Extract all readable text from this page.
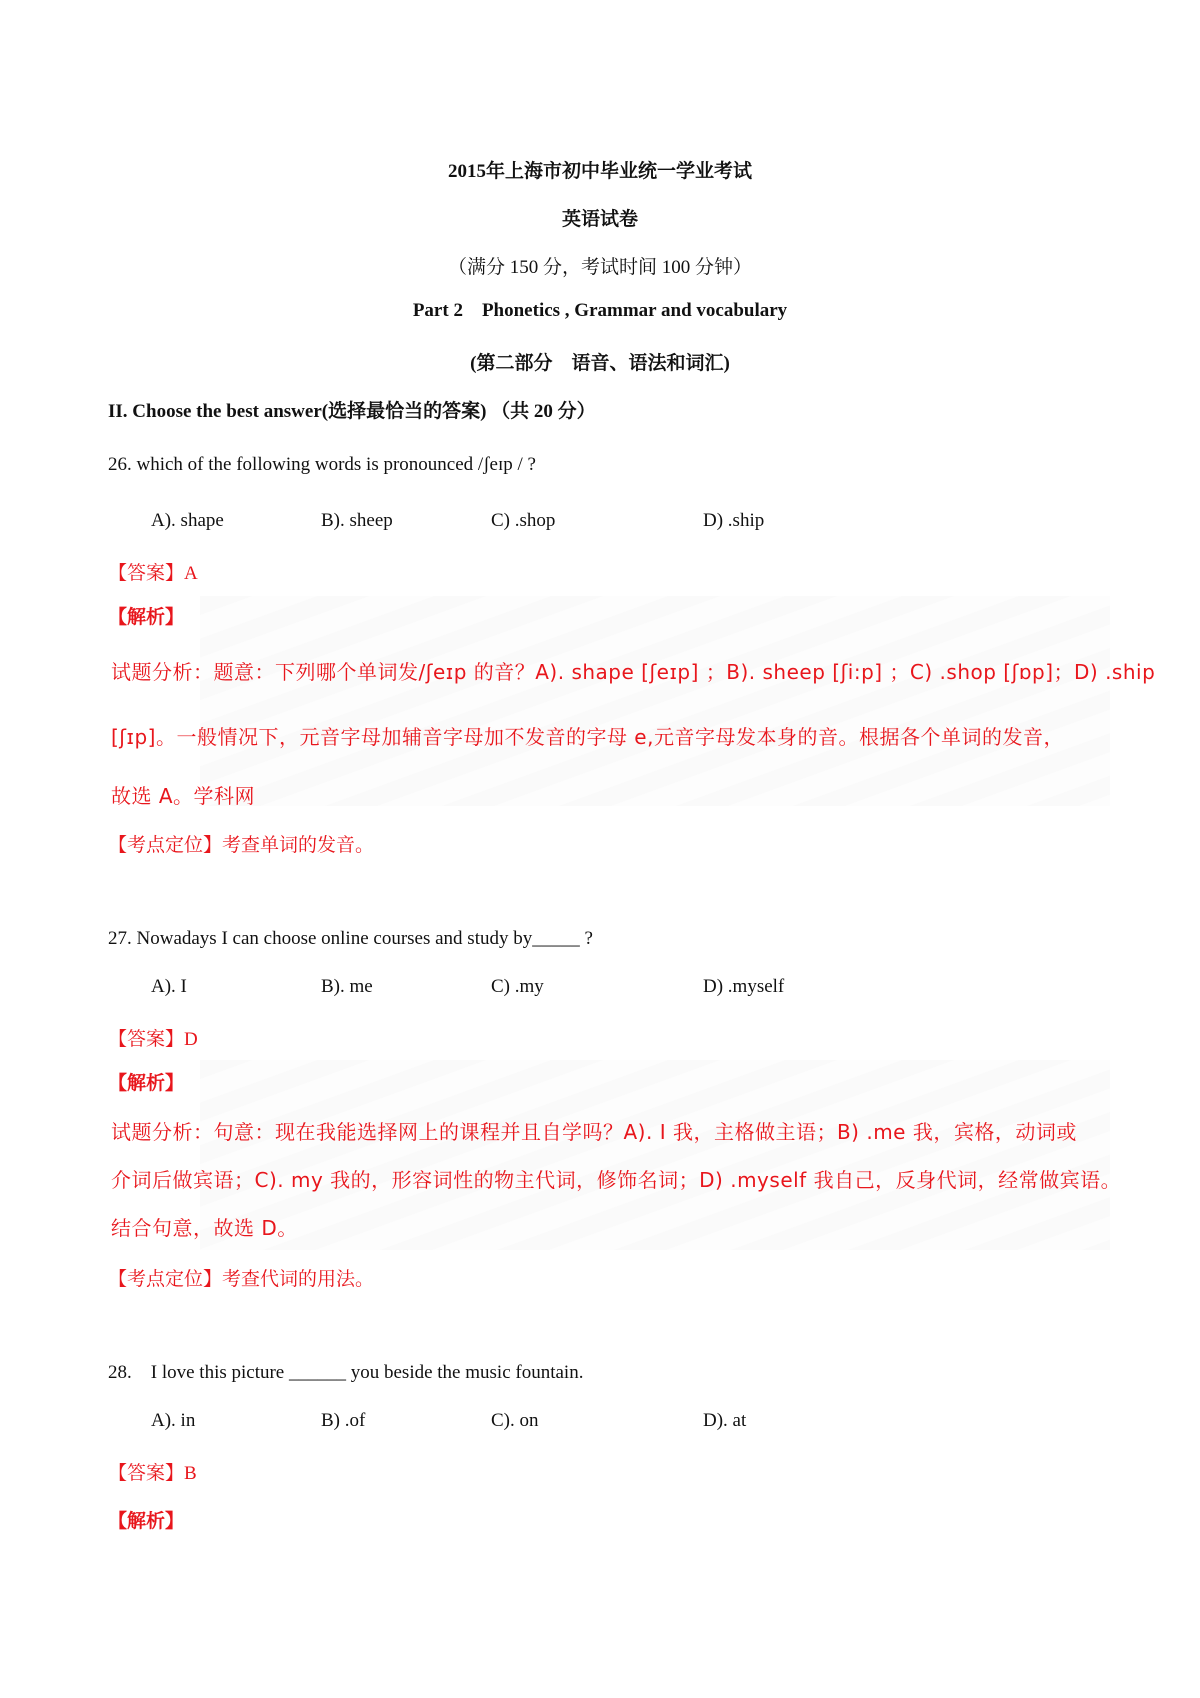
2015年上海市初中毕业统一学业考试
英语试卷
（满分 150 分，考试时间 100 分钟）
Part 2    Phonetics , Grammar and vocabulary
(第二部分    语音、语法和词汇)
II. Choose the best answer(选择最恰当的答案) （共 20 分）
26. which of the following words is pronounced /ʃeɪp / ?
A). shape	B). sheep	C) .shop	D) .ship
【答案】A
【解析】
试题分析：题意：下列哪个单词发/ʃeɪp 的音？A). shape [ʃeɪp] ；B). sheep [ʃi:p] ；C) .shop [ʃɒp]；D) .ship
[ʃɪp]。一般情况下，元音字母加辅音字母加不发音的字母 e,元音字母发本身的音。根据各个单词的发音，
故选 A。学科网
【考点定位】考查单词的发音。
27. Nowadays I can choose online courses and study by_____ ?
A). I	B). me	C) .my	D) .myself
【答案】D
【解析】
试题分析：句意：现在我能选择网上的课程并且自学吗？A). I 我，主格做主语；B) .me 我，宾格，动词或
介词后做宾语；C). my 我的，形容词性的物主代词，修饰名词；D) .myself 我自己，反身代词，经常做宾语。
结合句意，故选 D。
【考点定位】考查代词的用法。
28.    I love this picture ______ you beside the music fountain.
A). in	B) .of	C). on	D). at
【答案】B
【解析】
